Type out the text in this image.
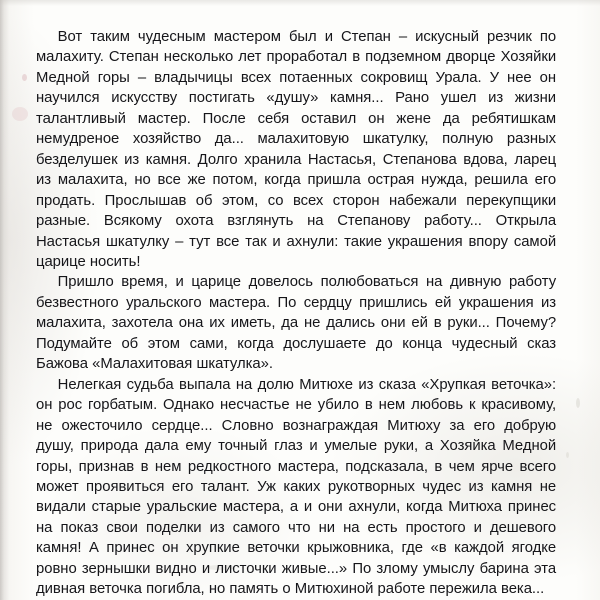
Вот таким чудесным мастером был и Степан – искусный резчик по малахиту. Степан несколько лет проработал в подземном дворце Хозяйки Медной горы – владычицы всех потаенных сокровищ Урала. У нее он научился искусству постигать «душу» камня... Рано ушел из жизни талантливый мастер. После себя оставил он жене да ребятишкам немудреное хозяйство да... малахитовую шкатулку, полную разных безделушек из камня. Долго хранила Настасья, Степанова вдова, ларец из малахита, но все же потом, когда пришла острая нужда, решила его продать. Прослышав об этом, со всех сторон набежали перекупщики разные. Всякому охота взглянуть на Степанову работу... Открыла Настасья шкатулку – тут все так и ахнули: такие украшения впору самой царице носить!

Пришло время, и царице довелось полюбоваться на дивную работу безвестного уральского мастера. По сердцу пришлись ей украшения из малахита, захотела она их иметь, да не дались они ей в руки... Почему? Подумайте об этом сами, когда дослушаете до конца чудесный сказ Бажова «Малахитовая шкатулка».

Нелегкая судьба выпала на долю Митюхе из сказа «Хрупкая веточка»: он рос горбатым. Однако несчастье не убило в нем любовь к красивому, не ожесточило сердце... Словно вознаграждая Митюху за его добрую душу, природа дала ему точный глаз и умелые руки, а Хозяйка Медной горы, признав в нем редкостного мастера, подсказала, в чем ярче всего может проявиться его талант. Уж каких рукотворных чудес из камня не видали старые уральские мастера, а и они ахнули, когда Митюха принес на показ свои поделки из самого что ни на есть простого и дешевого камня! А принес он хрупкие веточки крыжовника, где «в каждой ягодке ровно зернышки видно и листочки живые...» По злому умыслу барина эта дивная веточка погибла, но память о Митюхиной работе пережила века...
